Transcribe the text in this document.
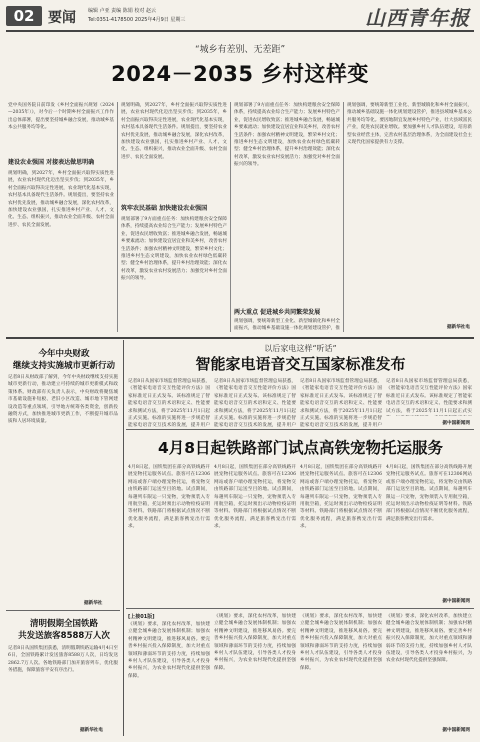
02 要闻 编辑 卢亚 责编 陈娟 校对 赵云
Tel:0351-4178500 2025年4月9日 星期三	山西青年报
“城乡有差别、无差距”
2024－2035 乡村这样变
党中央国务院日前印发《乡村全面振兴规划（2024—2035年）》，对今后一个时期乡村全面振兴工作作出总体部署，提出要坚持城乡融合发展，推动城乡基本公共服务均等化。
建设农业强国 对接表达做思明确
规划明确，到2027年，乡村全面振兴取得实质性进展，农业农村现代化迈出坚实步伐；到2035年，乡村全面振兴取得决定性进展，农业现代化基本实现，农村基本具备现代生活条件。规划提出，要坚持农业农村优先发展，推动城乡融合发展，深化农村改革，加快建设农业强国，扎实推进乡村产业、人才、文化、生态、组织振兴，推动农业全面升级、农村全面进步、农民全面发展。
规划明确，到2027年，乡村全面振兴取得实质性进展，农业农村现代化迈出坚实步伐；到2035年，乡村全面振兴取得决定性进展，农业现代化基本实现，农村基本具备现代生活条件。规划提出，要坚持农业农村优先发展，推动城乡融合发展，深化农村改革，加快建设农业强国，扎实推进乡村产业、人才、文化、生态、组织振兴，推动农业全面升级、农村全面进步、农民全面发展。
筑牢农民基础 加快建设农业强国
规划部署了9方面重点任务：加快构建粮食安全保障体系，持续提高农业综合生产能力；发展乡村特色产业，促进农民增收致富；推进城乡融合发展，畅通城乡要素流动；加快建设宜居宜业和美乡村，改善农村生活条件；加强农村精神文明建设，繁荣乡村文化；推进乡村生态文明建设，加快农业农村绿色低碳转型；健全乡村治理体系，提升乡村治理效能；深化农村改革，激发农业农村发展活力；加强党对乡村全面振兴的领导。
规划部署了9方面重点任务：加快构建粮食安全保障体系，持续提高农业综合生产能力；发展乡村特色产业，促进农民增收致富；推进城乡融合发展，畅通城乡要素流动；加快建设宜居宜业和美乡村，改善农村生活条件；加强农村精神文明建设，繁荣乡村文化；推进乡村生态文明建设，加快农业农村绿色低碳转型；健全乡村治理体系，提升乡村治理效能；深化农村改革，激发农业农村发展活力；加强党对乡村全面振兴的领导。
两大重点 促进城乡共同繁荣发展
规划强调，要统筹新型工业化、新型城镇化和乡村全面振兴，推动城乡基础设施一体化规划建设管护，推
规划强调，要统筹新型工业化、新型城镇化和乡村全面振兴，推动城乡基础设施一体化规划建设管护，推进县域城乡基本公共服务均等化。要因地制宜发展乡村特色产业，壮大县域富民产业，促进农民就业增收。要加强乡村人才队伍建设，培育新型农业经营主体，完善农村基层治理体系，为全面建设社会主义现代化国家提供有力支撑。
据新华社电
今年中央财政
继续支持实施城市更新行动
记者8日从财政部了解到，今年中央财政继续支持实施城市更新行动，推动建立可持续的城市更新模式和政策体系。财政部有关负责人表示，中央财政将聚焦城市基础设施补短板、老旧小区改造、城市地下管网建设改造等重点领域，引导地方统筹各类资金，创新投融资方式，加快推进城市更新工作，不断提升城市品质和人居环境质量。
据新华社
清明假期全国铁路
共发送旅客8588万人次
记者8日从国铁集团获悉，清明假期铁路运输4月4日至6日，全国铁路累计发送旅客8588万人次，日均发送2862.7万人次。各地铁路部门加开旅客列车，优化服务措施，保障旅客平安有序出行。
据新华社电
以后家电这样“听话”
智能家电语音交互国家标准发布
记者8日从国家市场监督管理总局获悉，《智能家电语音交互性能评价方法》国家标准近日正式发布。该标准规定了智能家电语音交互的术语和定义、性能要求和测试方法，将于2025年11月1日起正式实施。标准的实施将进一步规范智能家电语音交互技术的发展，提升用户
记者8日从国家市场监督管理总局获悉，《智能家电语音交互性能评价方法》国家标准近日正式发布。该标准规定了智能家电语音交互的术语和定义、性能要求和测试方法，将于2025年11月1日起正式实施。标准的实施将进一步规范智能家电语音交互技术的发展，提升用户
记者8日从国家市场监督管理总局获悉，《智能家电语音交互性能评价方法》国家标准近日正式发布。该标准规定了智能家电语音交互的术语和定义、性能要求和测试方法，将于2025年11月1日起正式实施。标准的实施将进一步规范智能家电语音交互技术的发展，提升用户
记者8日从国家市场监督管理总局获悉，《智能家电语音交互性能评价方法》国家标准近日正式发布。该标准规定了智能家电语音交互的术语和定义、性能要求和测试方法，将于2025年11月1日起正式实
据中国新闻网
4月8日起铁路部门试点高铁宠物托运服务
4月8日起，国铁集团在部分高铁线路开展宠物托运服务试点。旅客可在12306网站或客户端办理宠物托运，将宠物交由铁路部门运送至目的地。试点期间，每趟列车限运一只宠物，宠物须装入专用航空箱，托运时须出示动物检疫证明等材料。铁路部门将根据试点情况不断优化服务流程，满足旅客携宠出行需求。
4月8日起，国铁集团在部分高铁线路开展宠物托运服务试点。旅客可在12306网站或客户端办理宠物托运，将宠物交由铁路部门运送至目的地。试点期间，每趟列车限运一只宠物，宠物须装入专用航空箱，托运时须出示动物检疫证明等材料。铁路部门将根据试点情况不断优化服务流程，满足旅客携宠出行需求。
4月8日起，国铁集团在部分高铁线路开展宠物托运服务试点。旅客可在12306网站或客户端办理宠物托运，将宠物交由铁路部门运送至目的地。试点期间，每趟列车限运一只宠物，宠物须装入专用航空箱，托运时须出示动物检疫证明等材料。铁路部门将根据试点情况不断优化服务流程，满足旅客携宠出行需求。
4月8日起，国铁集团在部分高铁线路开展宠物托运服务试点。旅客可在12306网站或客户端办理宠物托运，将宠物交由铁路部门运送至目的地。试点期间，每趟列车限运一只宠物，宠物须装入专用航空箱，托运时须出示动物检疫证明等材料。铁路部门将根据试点情况不断优化服务流程，满足旅客携宠出行需求。
据中国新闻网
[上接01版]
《规划》要求，深化农村改革，加快建立健全城乡融合发展体制机制；加强农村精神文明建设，推进移风易俗。要完善乡村振兴投入保障制度，加大对重点领域和薄弱环节的支持力度，持续加强乡村人才队伍建设，引导各类人才投身乡村振兴，为农业农村现代化提供坚强保障。
《规划》要求，深化农村改革，加快建立健全城乡融合发展体制机制；加强农村精神文明建设，推进移风易俗。要完善乡村振兴投入保障制度，加大对重点领域和薄弱环节的支持力度，持续加强乡村人才队伍建设，引导各类人才投身乡村振兴，为农业农村现代化提供坚强保障。
《规划》要求，深化农村改革，加快建立健全城乡融合发展体制机制；加强农村精神文明建设，推进移风易俗。要完善乡村振兴投入保障制度，加大对重点领域和薄弱环节的支持力度，持续加强乡村人才队伍建设，引导各类人才投身乡村振兴，为农业农村现代化提供坚强保障。
《规划》要求，深化农村改革，加快建立健全城乡融合发展体制机制；加强农村精神文明建设，推进移风易俗。要完善乡村振兴投入保障制度，加大对重点领域和薄弱环节的支持力度，持续加强乡村人才队伍建设，引导各类人才投身乡村振兴，为农业农村现代化提供坚强保障。
据中国新闻网
